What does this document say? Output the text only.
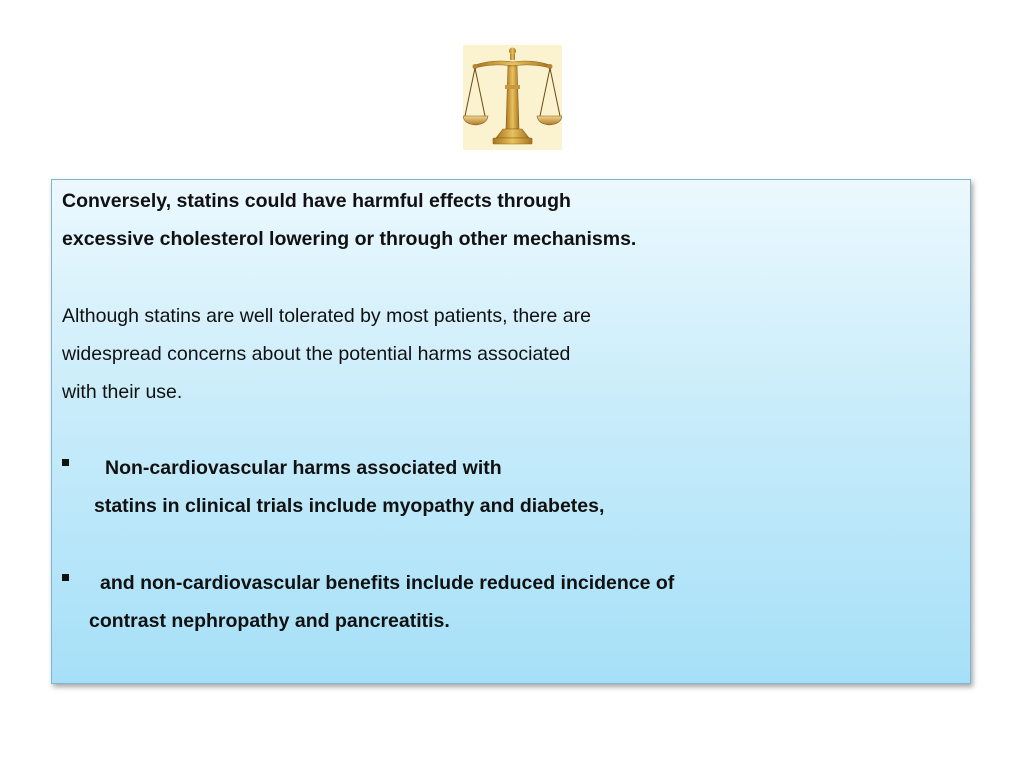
Conversely, statins could have harmful effects through
excessive cholesterol lowering or through other mechanisms.
Although statins are well tolerated by most patients, there are
widespread concerns about the potential harms associated
with their use.
Non-cardiovascular harms associated with
statins in clinical trials include myopathy and diabetes,
and non-cardiovascular benefits include reduced incidence of
contrast nephropathy and pancreatitis.
